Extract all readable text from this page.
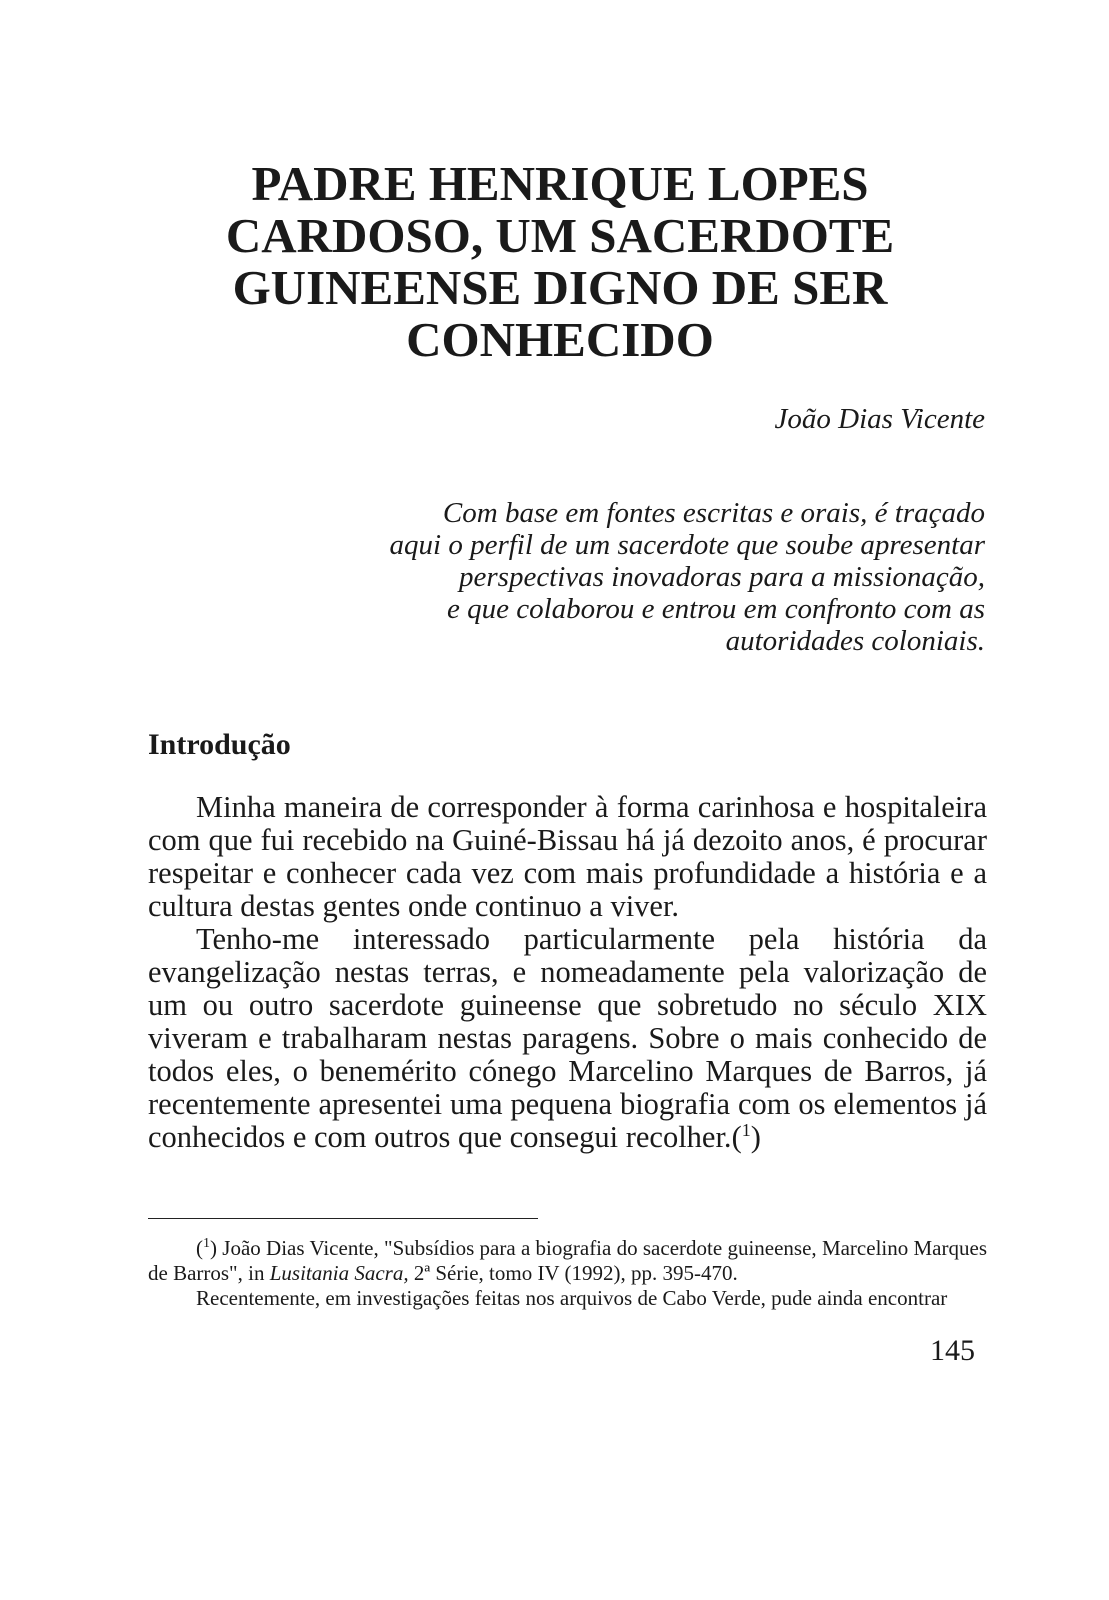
PADRE HENRIQUE LOPES
CARDOSO, UM SACERDOTE
GUINEENSE DIGNO DE SER
CONHECIDO

João Dias Vicente

Com base em fontes escritas e orais, é traçado
aqui o perfil de um sacerdote que soube apresentar
perspectivas inovadoras para a missionação,
e que colaborou e entrou em confronto com as
autoridades coloniais.
Introdução

Minha maneira de corresponder à forma carinhosa e hospitaleira com que fui recebido na Guiné-Bissau há já dezoito anos, é procurar respeitar e conhecer cada vez com mais profundidade a história e a cultura destas gentes onde continuo a viver.

Tenho-me interessado particularmente pela história da evangelização nestas terras, e nomeadamente pela valorização de um ou outro sacerdote guineense que sobretudo no século XIX viveram e trabalharam nestas paragens. Sobre o mais conhecido de todos eles, o benemérito cónego Marcelino Marques de Barros, já recentemente apresentei uma pequena biografia com os elementos já conhecidos e com outros que consegui recolher.($^1$)

($^1$) João Dias Vicente, "Subsídios para a biografia do sacerdote guineense, Marcelino Marques de Barros", in Lusitania Sacra, 2ª Série, tomo IV (1992), pp. 395-470.

Recentemente, em investigações feitas nos arquivos de Cabo Verde, pude ainda encontrar

145
